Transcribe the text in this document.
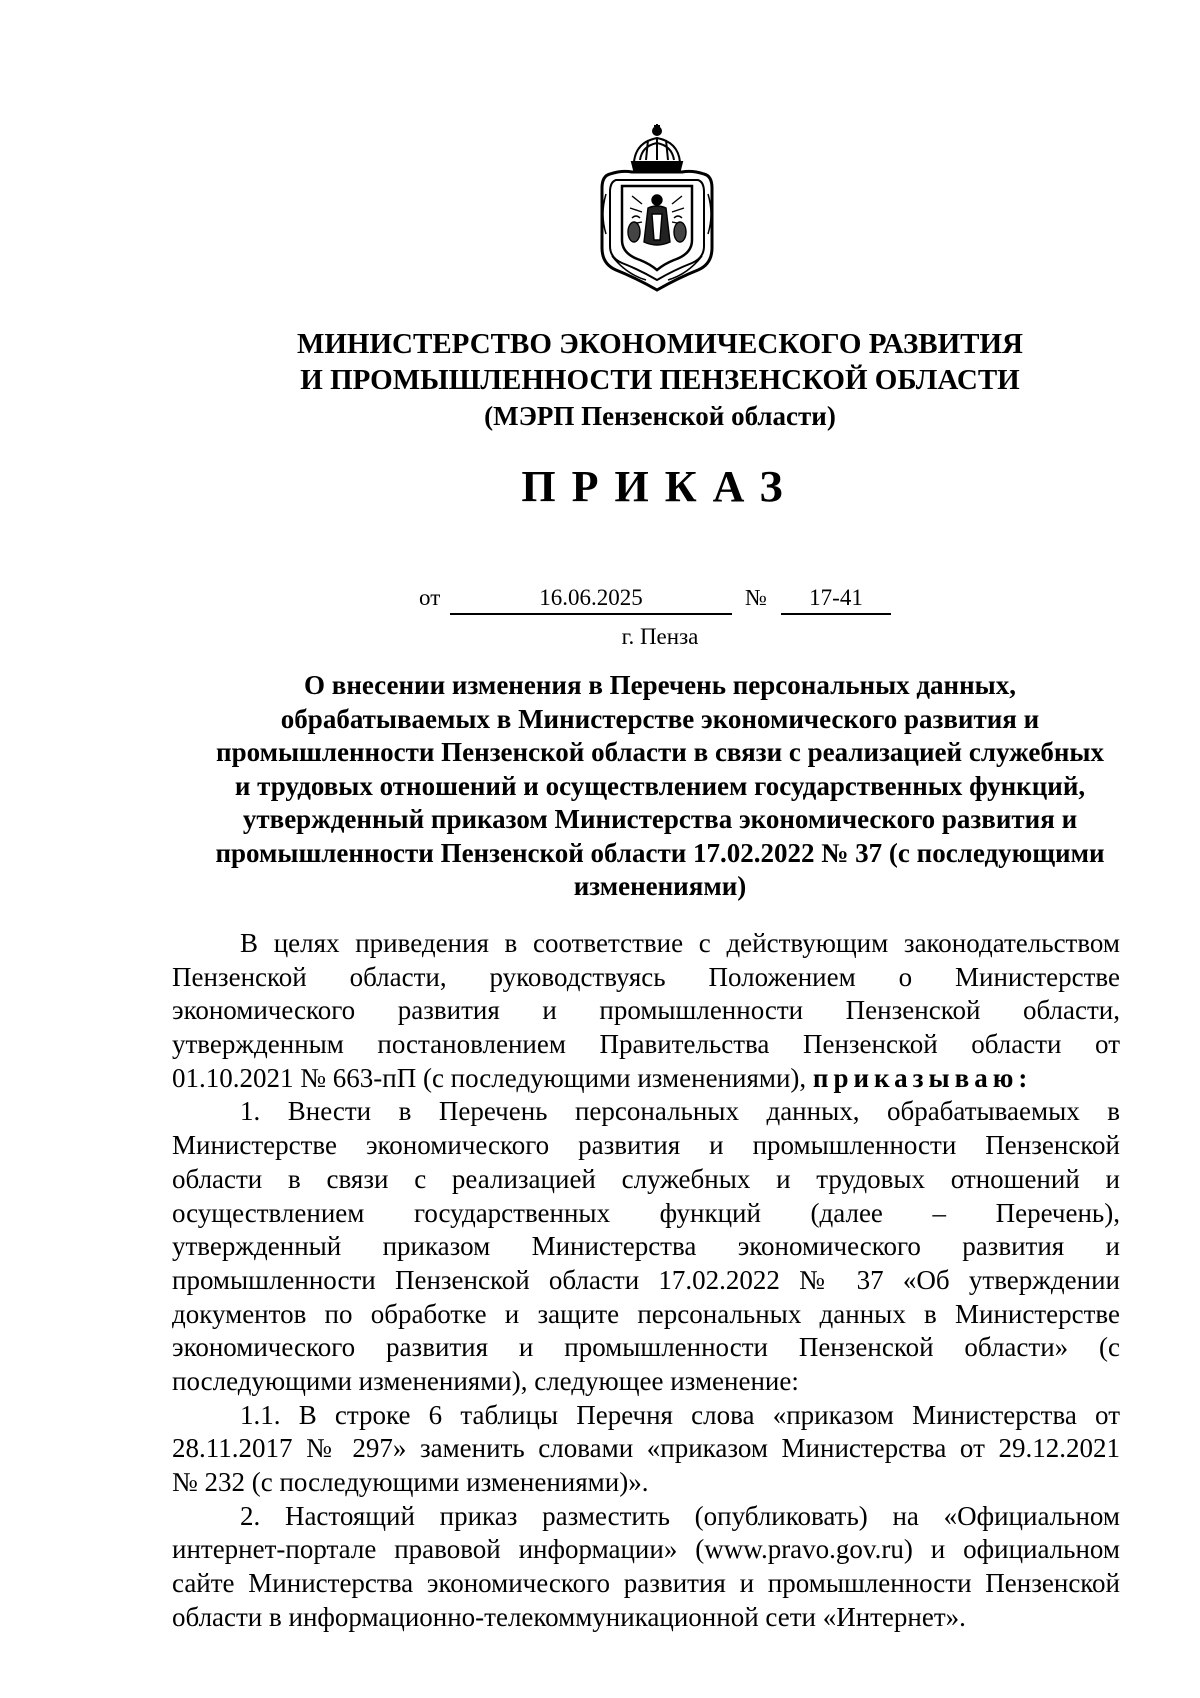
МИНИСТЕРСТВО ЭКОНОМИЧЕСКОГО РАЗВИТИЯ
И ПРОМЫШЛЕННОСТИ ПЕНЗЕНСКОЙ ОБЛАСТИ
(МЭРП Пензенской области)
ПРИКАЗ
от	16.06.2025	№	17-41
г. Пенза
О внесении изменения в Перечень персональных данных,
обрабатываемых в Министерстве экономического развития и
промышленности Пензенской области в связи с реализацией служебных
и трудовых отношений и осуществлением государственных функций,
утвержденный приказом Министерства экономического развития и
промышленности Пензенской области 17.02.2022 № 37 (с последующими
изменениями)
В целях приведения в соответствие с действующим законодательством
Пензенской области, руководствуясь Положением о Министерстве
экономического развития и промышленности Пензенской области,
утвержденным постановлением Правительства Пензенской области от
01.10.2021 № 663-пП (с последующими изменениями), приказываю:
1. Внести в Перечень персональных данных, обрабатываемых в
Министерстве экономического развития и промышленности Пензенской
области в связи с реализацией служебных и трудовых отношений и
осуществлением государственных функций (далее – Перечень),
утвержденный приказом Министерства экономического развития и
промышленности Пензенской области 17.02.2022 № 37 «Об утверждении
документов по обработке и защите персональных данных в Министерстве
экономического развития и промышленности Пензенской области» (с
последующими изменениями), следующее изменение:
1.1. В строке 6 таблицы Перечня слова «приказом Министерства от
28.11.2017 № 297» заменить словами «приказом Министерства от 29.12.2021
№ 232 (с последующими изменениями)».
2. Настоящий приказ разместить (опубликовать) на «Официальном
интернет-портале правовой информации» (www.pravo.gov.ru) и официальном
сайте Министерства экономического развития и промышленности Пензенской
области в информационно-телекоммуникационной сети «Интернет».
